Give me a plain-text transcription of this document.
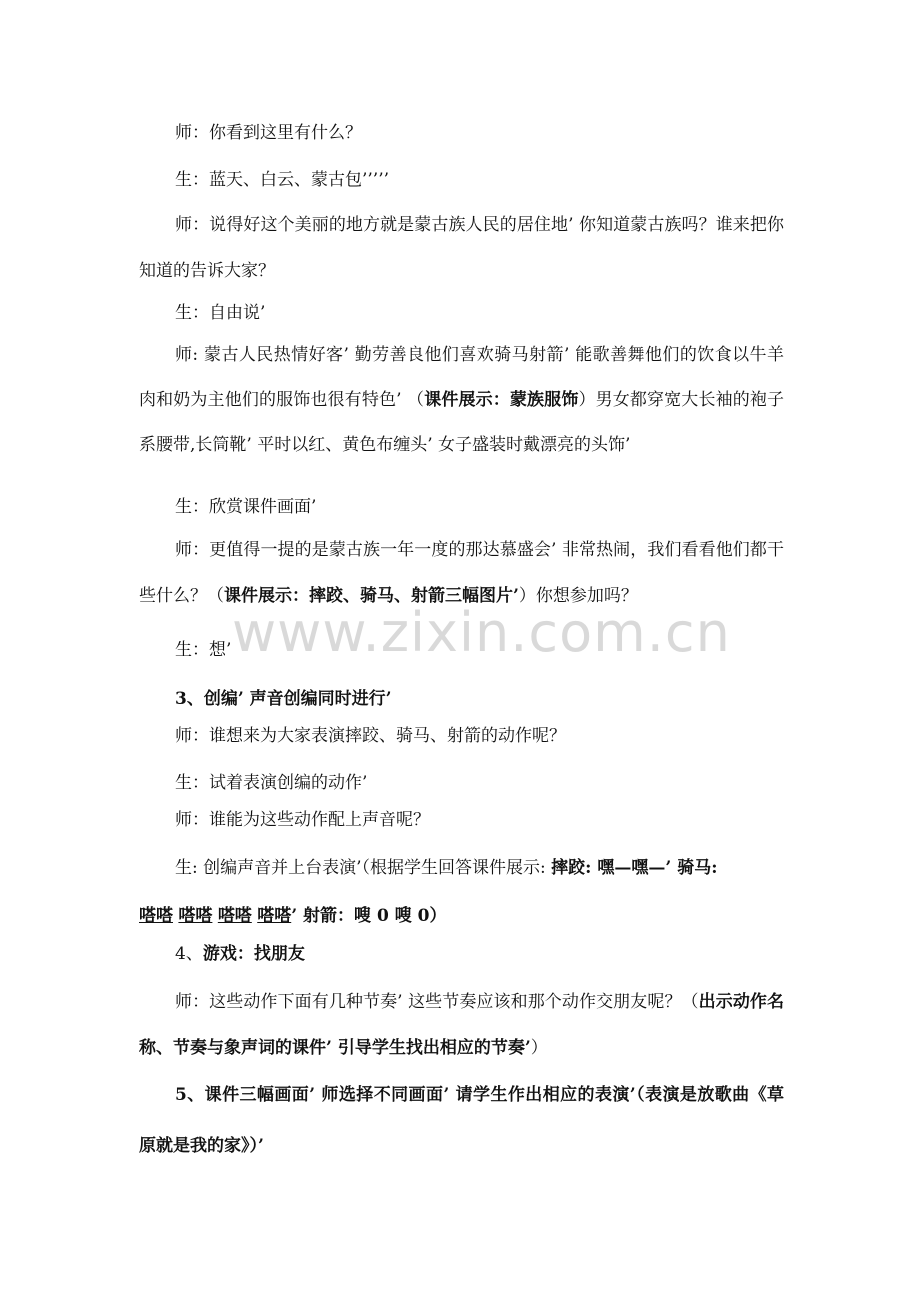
师：你看到这里有什么？
生：蓝天、白云、蒙古包’’’’’
师：说得好这个美丽的地方就是蒙古族人民的居住地’ 你知道蒙古族吗？谁来把你知道的告诉大家？
生：自由说’
师: 蒙古人民热情好客’ 勤劳善良他们喜欢骑马射箭’ 能歌善舞他们的饮食以牛羊肉和奶为主他们的服饰也很有特色’ （课件展示：蒙族服饰）男女都穿宽大长袖的袍子系腰带,长筒靴’ 平时以红、黄色布缠头’ 女子盛装时戴漂亮的头饰’
生：欣赏课件画面’
师：更值得一提的是蒙古族一年一度的那达慕盛会’ 非常热闹，我们看看他们都干些什么？（课件展示：摔跤、骑马、射箭三幅图片’）你想参加吗？
生：想’
3、创编’ 声音创编同时进行’
师：谁想来为大家表演摔跤、骑马、射箭的动作呢？
生：试着表演创编的动作’
师：谁能为这些动作配上声音呢？
生: 创编声音并上台表演’（根据学生回答课件展示: 摔跤: 嘿—嘿—’ 骑马:
嗒嗒 嗒嗒 嗒嗒 嗒嗒’ 射箭：嗖 0 嗖 0）
4、游戏：找朋友
师：这些动作下面有几种节奏’ 这些节奏应该和那个动作交朋友呢？（出示动作名称、节奏与象声词的课件’ 引导学生找出相应的节奏’）
5、课件三幅画面’ 师选择不同画面’ 请学生作出相应的表演’（表演是放歌曲《草原就是我的家》）’
www.zixin.com.cn
